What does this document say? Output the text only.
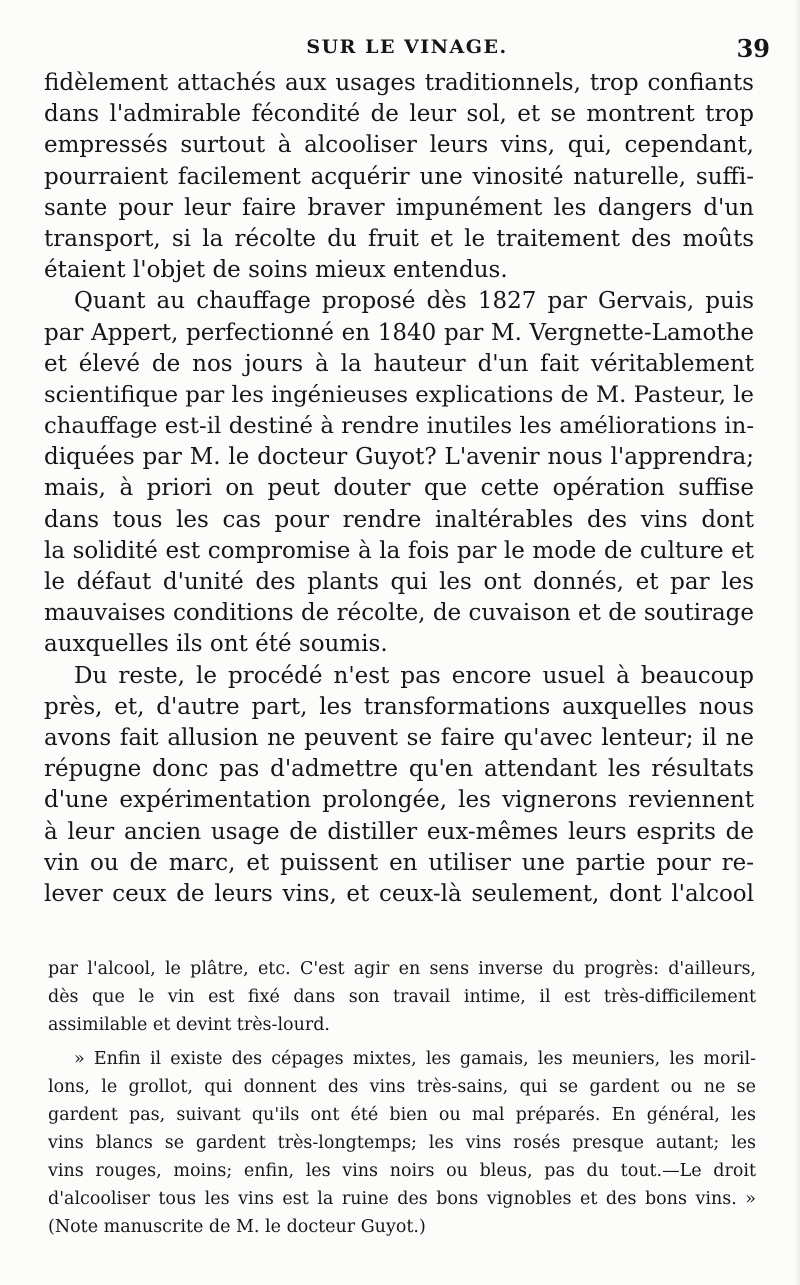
SUR LE VINAGE.	39
fidèlement attachés aux usages traditionnels, trop confiants
dans l'admirable fécondité de leur sol, et se montrent trop
empressés surtout à alcooliser leurs vins, qui, cependant,
pourraient facilement acquérir une vinosité naturelle, suffi-
sante pour leur faire braver impunément les dangers d'un
transport, si la récolte du fruit et le traitement des moûts
étaient l'objet de soins mieux entendus.
Quant au chauffage proposé dès 1827 par Gervais, puis
par Appert, perfectionné en 1840 par M. Vergnette-Lamothe
et élevé de nos jours à la hauteur d'un fait véritablement
scientifique par les ingénieuses explications de M. Pasteur, le
chauffage est-il destiné à rendre inutiles les améliorations in-
diquées par M. le docteur Guyot? L'avenir nous l'apprendra;
mais, à priori on peut douter que cette opération suffise
dans tous les cas pour rendre inaltérables des vins dont
la solidité est compromise à la fois par le mode de culture et
le défaut d'unité des plants qui les ont donnés, et par les
mauvaises conditions de récolte, de cuvaison et de soutirage
auxquelles ils ont été soumis.
Du reste, le procédé n'est pas encore usuel à beaucoup
près, et, d'autre part, les transformations auxquelles nous
avons fait allusion ne peuvent se faire qu'avec lenteur; il ne
répugne donc pas d'admettre qu'en attendant les résultats
d'une expérimentation prolongée, les vignerons reviennent
à leur ancien usage de distiller eux-mêmes leurs esprits de
vin ou de marc, et puissent en utiliser une partie pour re-
lever ceux de leurs vins, et ceux-là seulement, dont l'alcool
par l'alcool, le plâtre, etc. C'est agir en sens inverse du progrès: d'ailleurs,
dès que le vin est fixé dans son travail intime, il est très-difficilement
assimilable et devint très-lourd.
» Enfin il existe des cépages mixtes, les gamais, les meuniers, les moril-
lons, le grollot, qui donnent des vins très-sains, qui se gardent ou ne se
gardent pas, suivant qu'ils ont été bien ou mal préparés. En général, les
vins blancs se gardent très-longtemps; les vins rosés presque autant; les
vins rouges, moins; enfin, les vins noirs ou bleus, pas du tout.—Le droit
d'alcooliser tous les vins est la ruine des bons vignobles et des bons vins. »
(Note manuscrite de M. le docteur Guyot.)
